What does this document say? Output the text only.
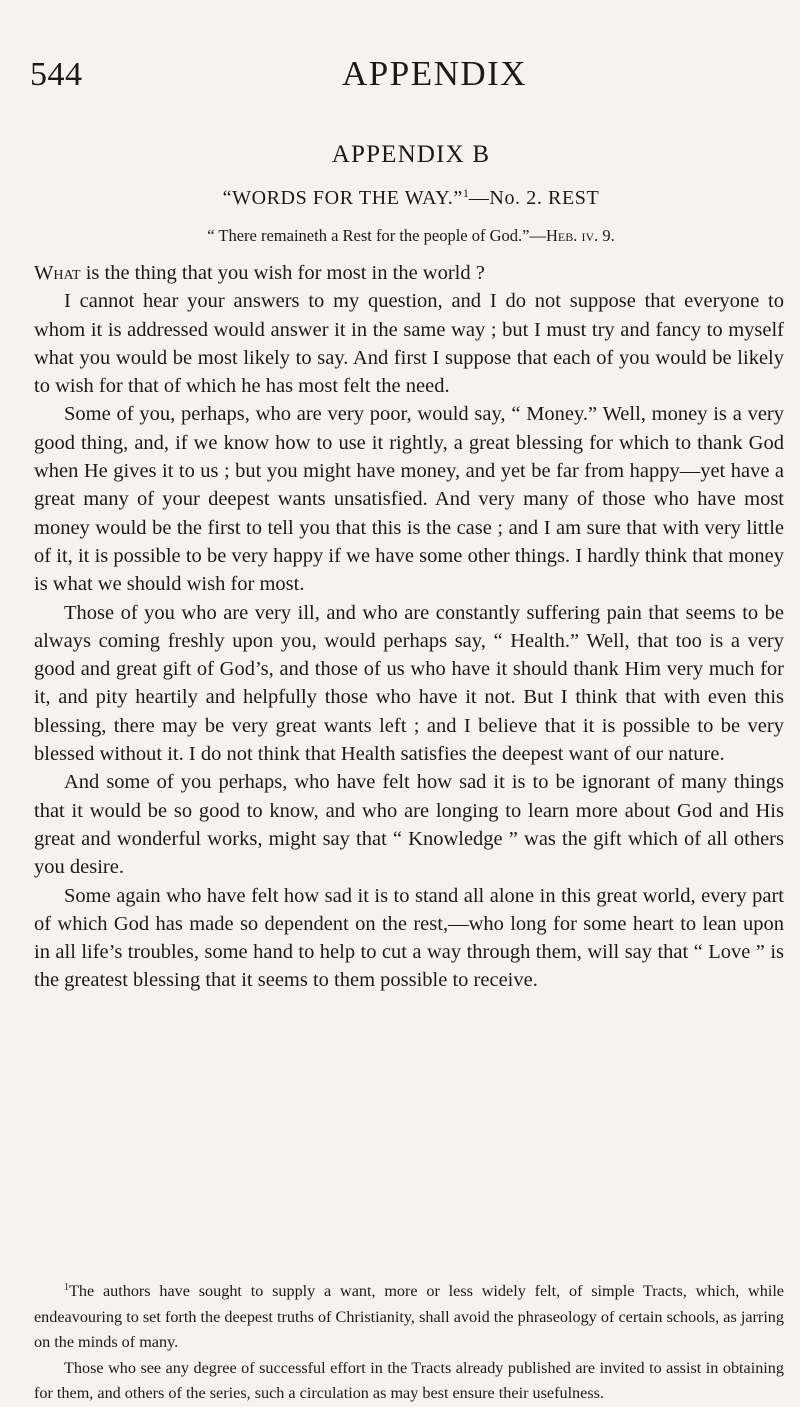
544	APPENDIX
APPENDIX B
“WORDS FOR THE WAY.”$^1$—No. 2. REST
“ There remaineth a Rest for the people of God.”—Heb. iv. 9.

What is the thing that you wish for most in the world ?

I cannot hear your answers to my question, and I do not suppose that everyone to whom it is addressed would answer it in the same way ; but I must try and fancy to myself what you would be most likely to say. And first I suppose that each of you would be likely to wish for that of which he has most felt the need.

Some of you, perhaps, who are very poor, would say, “ Money.” Well, money is a very good thing, and, if we know how to use it rightly, a great blessing for which to thank God when He gives it to us ; but you might have money, and yet be far from happy—yet have a great many of your deepest wants unsatisfied. And very many of those who have most money would be the first to tell you that this is the case ; and I am sure that with very little of it, it is possible to be very happy if we have some other things. I hardly think that money is what we should wish for most.

Those of you who are very ill, and who are constantly suffering pain that seems to be always coming freshly upon you, would perhaps say, “ Health.” Well, that too is a very good and great gift of God’s, and those of us who have it should thank Him very much for it, and pity heartily and helpfully those who have it not. But I think that with even this blessing, there may be very great wants left ; and I believe that it is possible to be very blessed without it. I do not think that Health satisfies the deepest want of our nature.

And some of you perhaps, who have felt how sad it is to be ignorant of many things that it would be so good to know, and who are longing to learn more about God and His great and wonderful works, might say that “ Knowledge ” was the gift which of all others you desire.

Some again who have felt how sad it is to stand all alone in this great world, every part of which God has made so dependent on the rest,—who long for some heart to lean upon in all life’s troubles, some hand to help to cut a way through them, will say that “ Love ” is the greatest blessing that it seems to them possible to receive.

$^1$The authors have sought to supply a want, more or less widely felt, of simple Tracts, which, while endeavouring to set forth the deepest truths of Christianity, shall avoid the phraseology of certain schools, as jarring on the minds of many.

Those who see any degree of successful effort in the Tracts already published are invited to assist in obtaining for them, and others of the series, such a circulation as may best ensure their usefulness.
